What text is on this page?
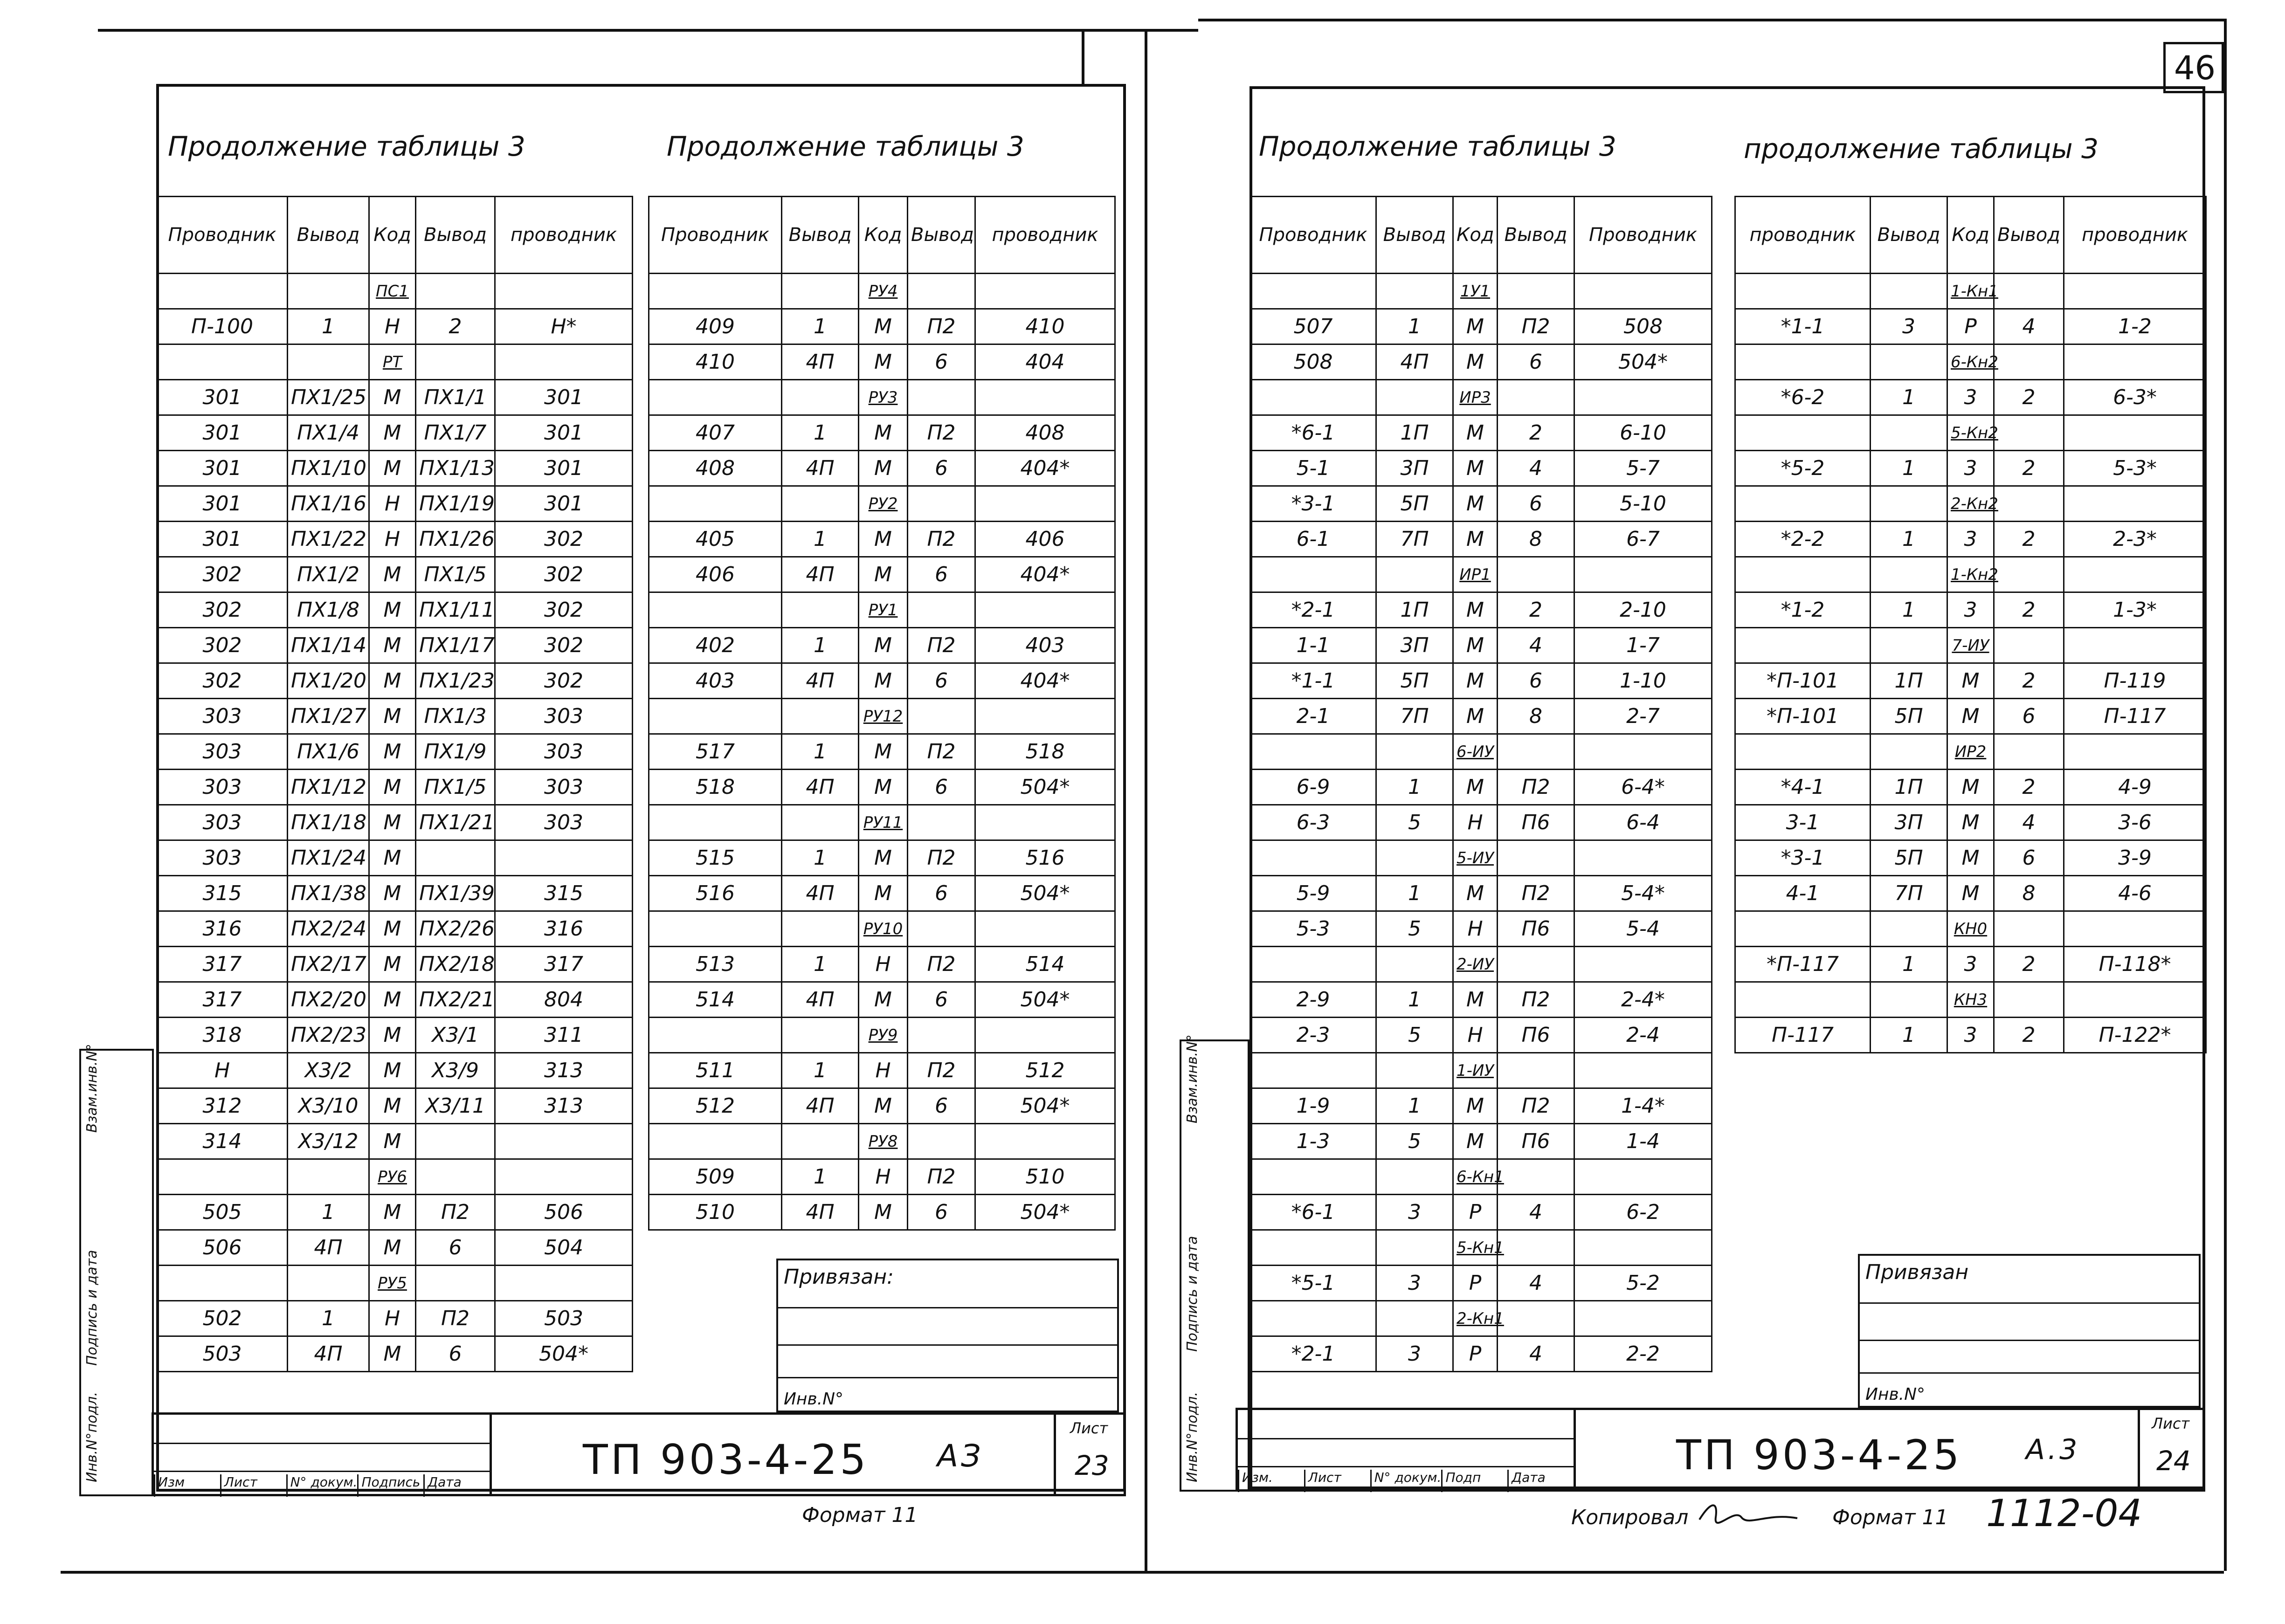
46
Продолжение таблицы 3	Продолжение таблицы 3
Проводник	Вывод	Код	Вывод	проводник
		ПС1		
П-100	1	Н	2	Н*
		РТ		
301	ПХ1/25	М	ПХ1/1	301
301	ПХ1/4	М	ПХ1/7	301
301	ПХ1/10	М	ПХ1/13	301
301	ПХ1/16	Н	ПХ1/19	301
301	ПХ1/22	Н	ПХ1/26	302
302	ПХ1/2	М	ПХ1/5	302
302	ПХ1/8	М	ПХ1/11	302
302	ПХ1/14	М	ПХ1/17	302
302	ПХ1/20	М	ПХ1/23	302
303	ПХ1/27	М	ПХ1/3	303
303	ПХ1/6	М	ПХ1/9	303
303	ПХ1/12	М	ПХ1/5	303
303	ПХ1/18	М	ПХ1/21	303
303	ПХ1/24	М		
315	ПХ1/38	М	ПХ1/39	315
316	ПХ2/24	М	ПХ2/26	316
317	ПХ2/17	М	ПХ2/18	317
317	ПХ2/20	М	ПХ2/21	804
318	ПХ2/23	М	Х3/1	311
Н	Х3/2	М	Х3/9	313
312	Х3/10	М	Х3/11	313
314	Х3/12	М		
		РУ6		
505	1	М	П2	506
506	4П	М	6	504
		РУ5		
502	1	Н	П2	503
503	4П	М	6	504*
Проводник	Вывод	Код	Вывод	проводник
		РУ4		
409	1	М	П2	410
410	4П	М	6	404
		РУ3		
407	1	М	П2	408
408	4П	М	6	404*
		РУ2		
405	1	М	П2	406
406	4П	М	6	404*
		РУ1		
402	1	М	П2	403
403	4П	М	6	404*
		РУ12		
517	1	М	П2	518
518	4П	М	6	504*
		РУ11		
515	1	М	П2	516
516	4П	М	6	504*
		РУ10		
513	1	Н	П2	514
514	4П	М	6	504*
		РУ9		
511	1	Н	П2	512
512	4П	М	6	504*
		РУ8		
509	1	Н	П2	510
510	4П	М	6	504*
Привязан:
Инв.N°
ТП 903-4-25 АЗ
Лист
23
Изм	Лист	N° докум. Подпись Дата
Взам.инв.N°
Подпись и дата
Инв.N°подл.
Формат 11
Продолжение таблицы 3	продолжение таблицы 3
Проводник	Вывод	Код	Вывод	Проводник
		1У1		
507	1	М	П2	508
508	4П	М	6	504*
		ИР3		
*6-1	1П	М	2	6-10
5-1	3П	М	4	5-7
*3-1	5П	М	6	5-10
6-1	7П	М	8	6-7
		ИР1		
*2-1	1П	М	2	2-10
1-1	3П	М	4	1-7
*1-1	5П	М	6	1-10
2-1	7П	М	8	2-7
		6-ИУ		
6-9	1	М	П2	6-4*
6-3	5	Н	П6	6-4
		5-ИУ		
5-9	1	М	П2	5-4*
5-3	5	Н	П6	5-4
		2-ИУ		
2-9	1	М	П2	2-4*
2-3	5	Н	П6	2-4
		1-ИУ		
1-9	1	М	П2	1-4*
1-3	5	М	П6	1-4
		6-Кн1		
*6-1	3	Р	4	6-2
		5-Кн1		
*5-1	3	Р	4	5-2
		2-Кн1		
*2-1	3	Р	4	2-2
проводник	Вывод	Код	Вывод	проводник
		1-Кн1		
*1-1	3	Р	4	1-2
		6-Кн2		
*6-2	1	3	2	6-3*
		5-Кн2		
*5-2	1	3	2	5-3*
		2-Кн2		
*2-2	1	3	2	2-3*
		1-Кн2		
*1-2	1	3	2	1-3*
		7-ИУ		
*П-101	1П	М	2	П-119
*П-101	5П	М	6	П-117
		ИР2		
*4-1	1П	М	2	4-9
3-1	3П	М	4	3-6
*3-1	5П	М	6	3-9
4-1	7П	М	8	4-6
		КН0		
*П-117	1	3	2	П-118*
		КН3		
П-117	1	3	2	П-122*
Привязан
Инв.N°
ТП 903-4-25 А.3
Лист
24
Изм.	Лист	N° докум. Подп	Дата
Взам.инв.N°
Подпись и дата
Инв.N°подл.
Копировал	Формат 11 1112-04
